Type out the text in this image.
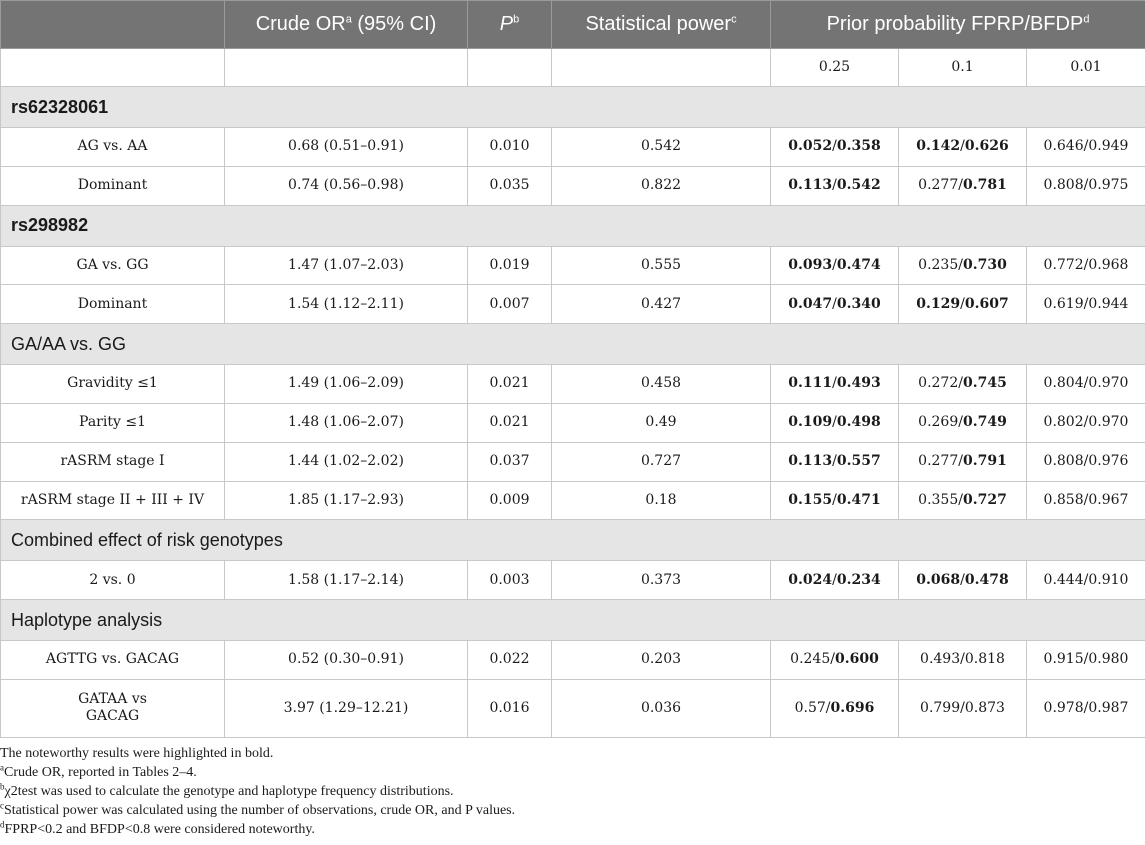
	Crude $OR^a$ (95% CI)	$P^b$	Statistical power$^c$	Prior probability FPRP/BFDP$^d$
				0.25	0.1	0.01
rs62328061						
AG vs. AA	0.68 (0.51–0.91)	0.010	0.542	0.052/0.358	0.142/0.626	0.646/0.949
Dominant	0.74 (0.56–0.98)	0.035	0.822	0.113/0.542	0.277/0.781	0.808/0.975
rs298982						
GA vs. GG	1.47 (1.07–2.03)	0.019	0.555	0.093/0.474	0.235/0.730	0.772/0.968
Dominant	1.54 (1.12–2.11)	0.007	0.427	0.047/0.340	0.129/0.607	0.619/0.944
GA/AA vs. GG						
Gravidity ≤1	1.49 (1.06–2.09)	0.021	0.458	0.111/0.493	0.272/0.745	0.804/0.970
Parity ≤1	1.48 (1.06–2.07)	0.021	0.49	0.109/0.498	0.269/0.749	0.802/0.970
rASRM stage I	1.44 (1.02–2.02)	0.037	0.727	0.113/0.557	0.277/0.791	0.808/0.976
rASRM stage II + III + IV	1.85 (1.17–2.93)	0.009	0.18	0.155/0.471	0.355/0.727	0.858/0.967
Combined effect of risk genotypes						
2 vs. 0	1.58 (1.17–2.14)	0.003	0.373	0.024/0.234	0.068/0.478	0.444/0.910
Haplotype analysis						
AGTTG vs. GACAG	0.52 (0.30–0.91)	0.022	0.203	0.245/0.600	0.493/0.818	0.915/0.980
GATAA vs
GACAG	3.97 (1.29–12.21)	0.016	0.036	0.57/0.696	0.799/0.873	0.978/0.987

The noteworthy results were highlighted in bold.

$^a$Crude OR, reported in Tables 2–4.

$^b$χ2test was used to calculate the genotype and haplotype frequency distributions.

$^c$Statistical power was calculated using the number of observations, crude OR, and P values.

$^d$FPRP<0.2 and BFDP<0.8 were considered noteworthy.
